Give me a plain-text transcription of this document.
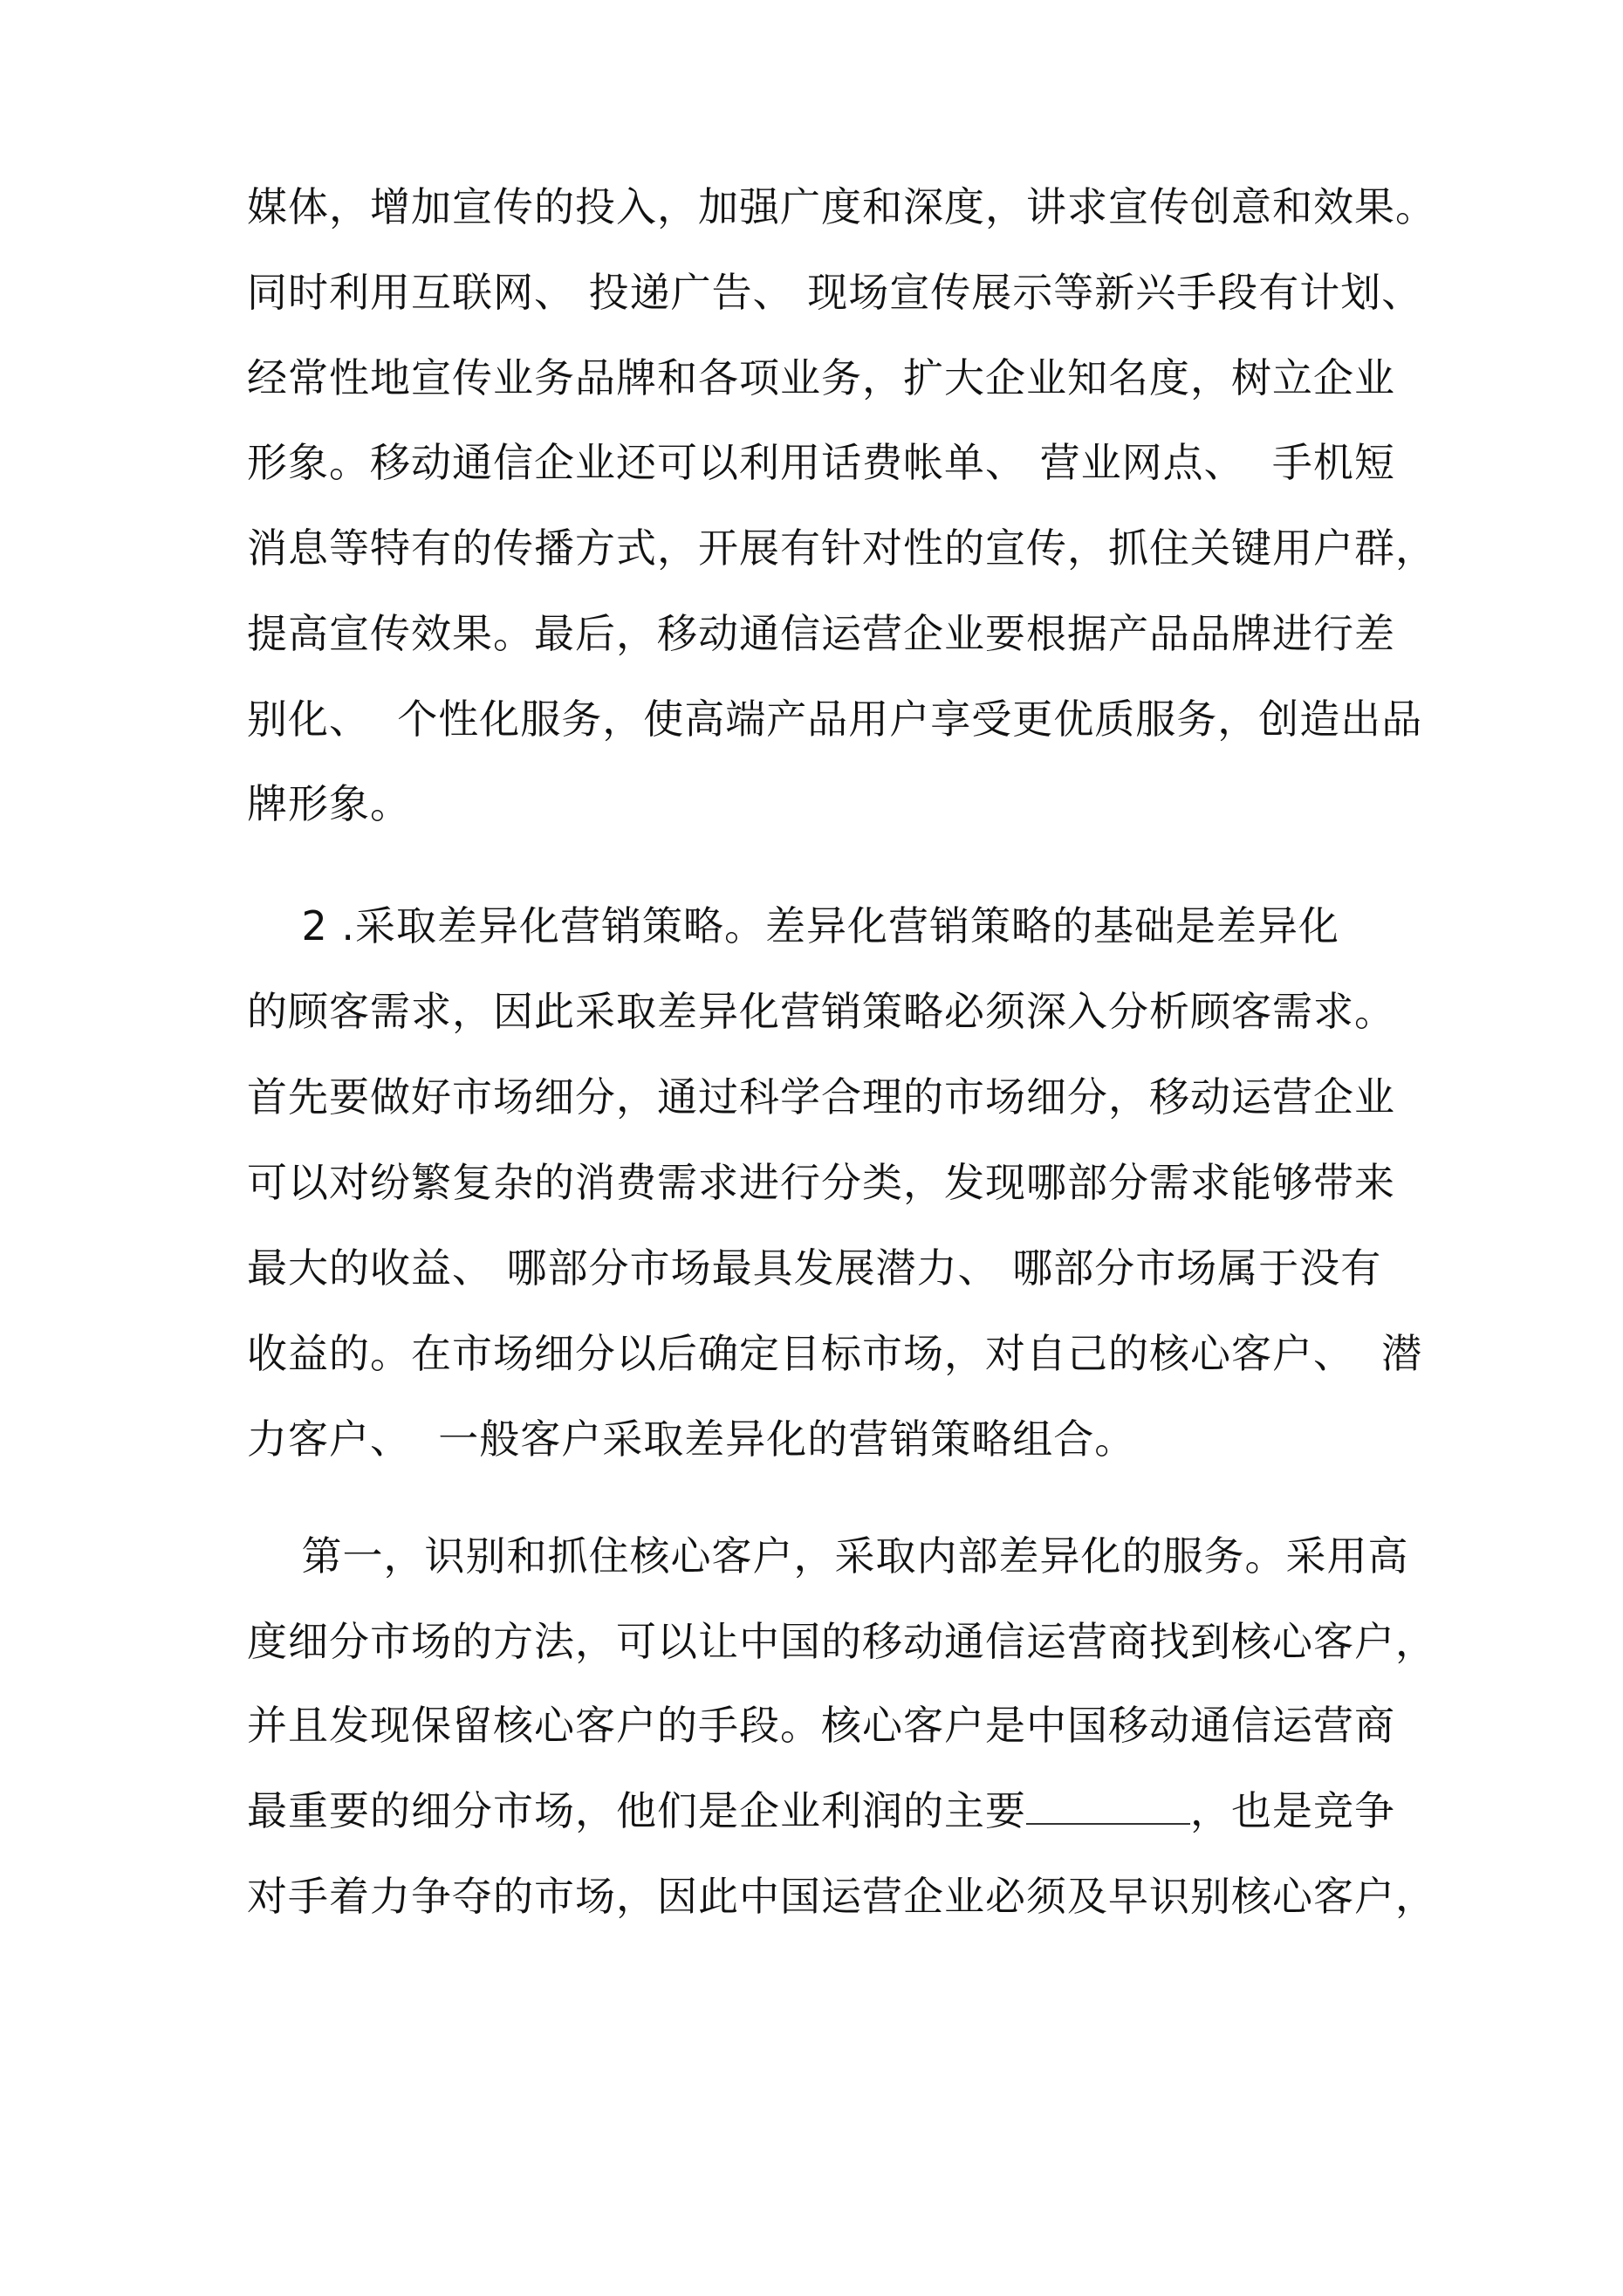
媒体，增加宣传的投入，加强广度和深度，讲求宣传创意和效果。
同时利用互联网、 投递广告、 现场宣传展示等新兴手段有计划、
经常性地宣传业务品牌和各项业务，扩大企业知名度，树立企业
形象。移动通信企业还可以利用话费帐单、 营业网点、  手机短
消息等特有的传播方式，开展有针对性的宣传，抓住关键用户群，
提高宣传效果。最后，移动通信运营企业要根据产品品牌进行差
别化、  个性化服务，使高端产品用户享受更优质服务，创造出品
牌形象。
2 .采取差异化营销策略。差异化营销策略的基础是差异化
的顾客需求，因此采取差异化营销策略必须深入分析顾客需求。
首先要做好市场细分，通过科学合理的市场细分，移动运营企业
可以对纷繁复杂的消费需求进行分类，发现哪部分需求能够带来
最大的收益、 哪部分市场最具发展潜力、 哪部分市场属于没有
收益的。在市场细分以后确定目标市场，对自己的核心客户、  潜
力客户、  一般客户采取差异化的营销策略组合。
第一，识别和抓住核心客户，采取内部差异化的服务。采用高
度细分市场的方法，可以让中国的移动通信运营商找到核心客户，
并且发现保留核心客户的手段。核心客户是中国移动通信运营商
最重要的细分市场，他们是企业利润的主要	，也是竞争
对手着力争夺的市场，因此中国运营企业必须及早识别核心客户，
